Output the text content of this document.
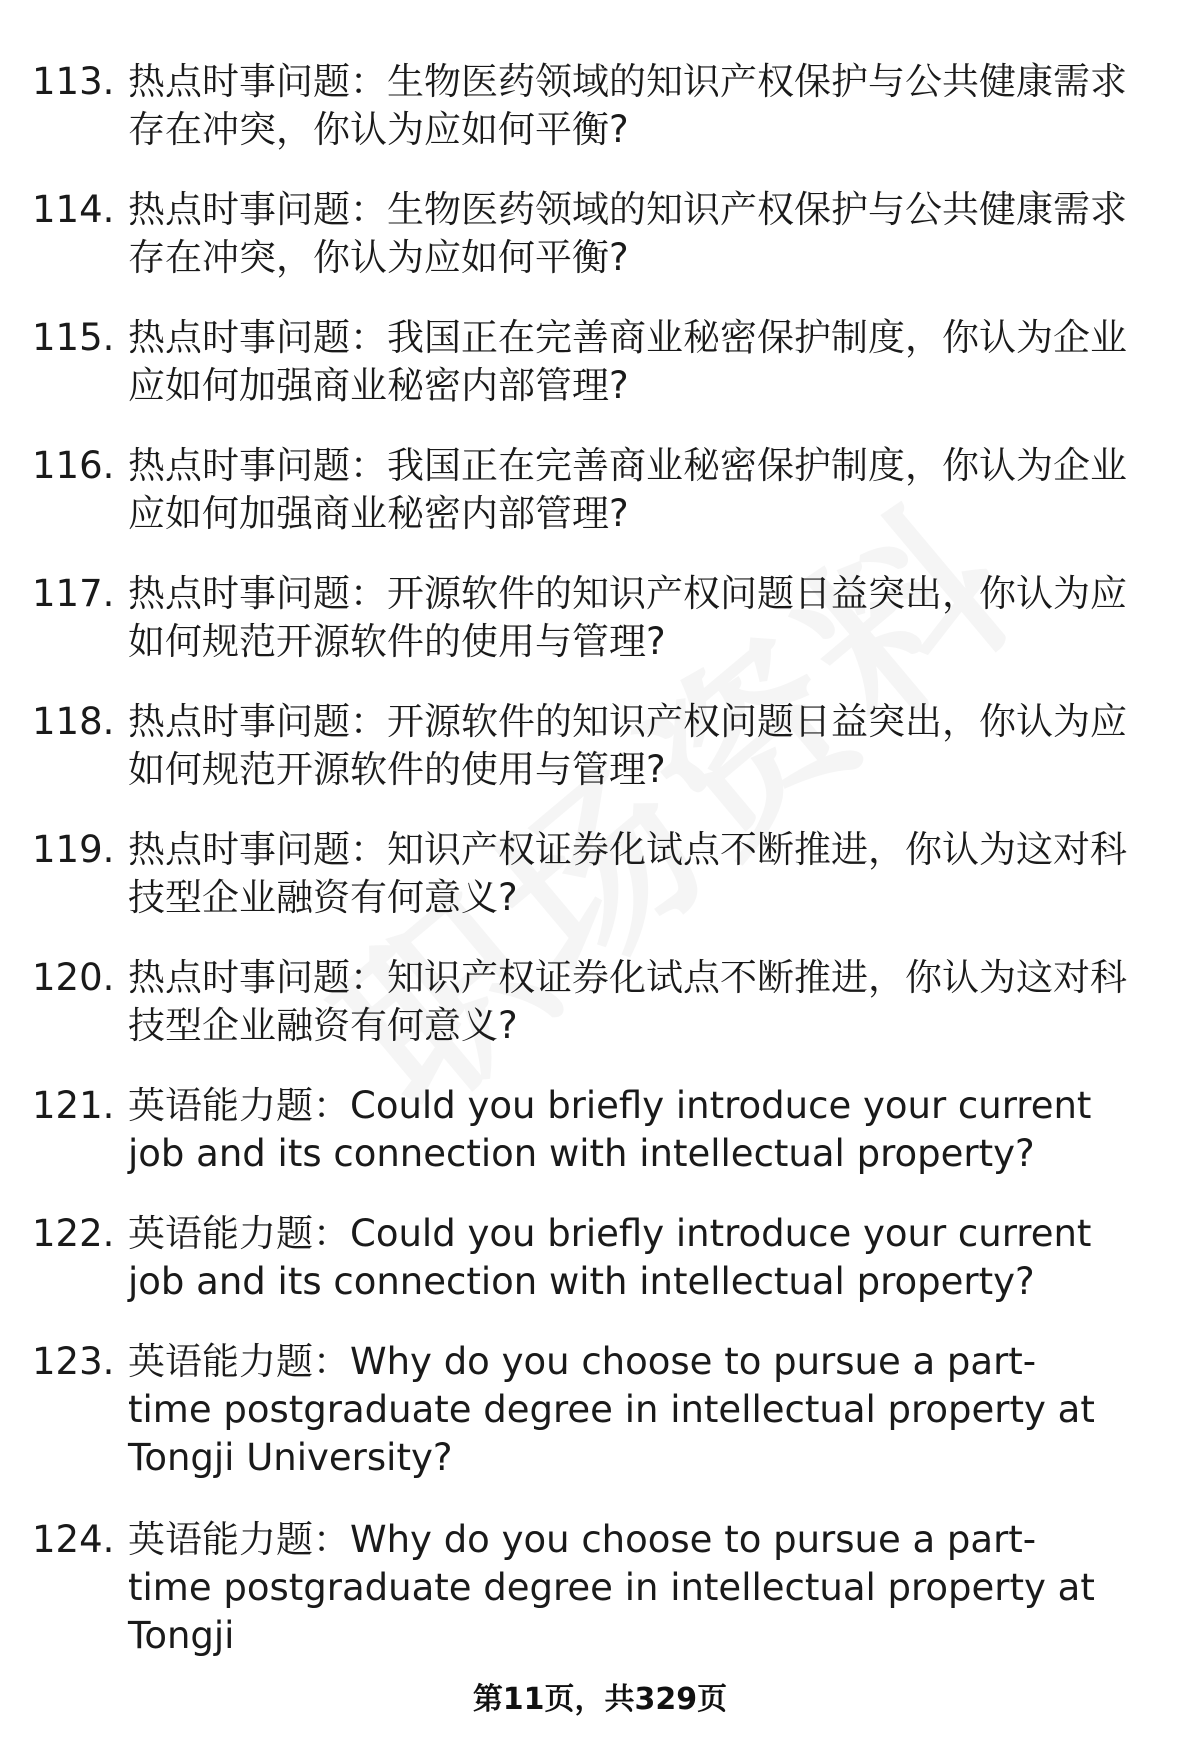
113. 热点时事问题：生物医药领域的知识产权保护与公共健康需求存在冲突，你认为应如何平衡?
114. 热点时事问题：生物医药领域的知识产权保护与公共健康需求存在冲突，你认为应如何平衡?
115. 热点时事问题：我国正在完善商业秘密保护制度，你认为企业应如何加强商业秘密内部管理?
116. 热点时事问题：我国正在完善商业秘密保护制度，你认为企业应如何加强商业秘密内部管理?
117. 热点时事问题：开源软件的知识产权问题日益突出，你认为应如何规范开源软件的使用与管理?
118. 热点时事问题：开源软件的知识产权问题日益突出，你认为应如何规范开源软件的使用与管理?
119. 热点时事问题：知识产权证券化试点不断推进，你认为这对科技型企业融资有何意义?
120. 热点时事问题：知识产权证券化试点不断推进，你认为这对科技型企业融资有何意义?
121. 英语能力题：Could you briefly introduce your current job and its connection with intellectual property?
122. 英语能力题：Could you briefly introduce your current job and its connection with intellectual property?
123. 英语能力题：Why do you choose to pursue a part-time postgraduate degree in intellectual property at Tongji University?
124. 英语能力题：Why do you choose to pursue a part-time postgraduate degree in intellectual property at Tongji
第11页，共329页
